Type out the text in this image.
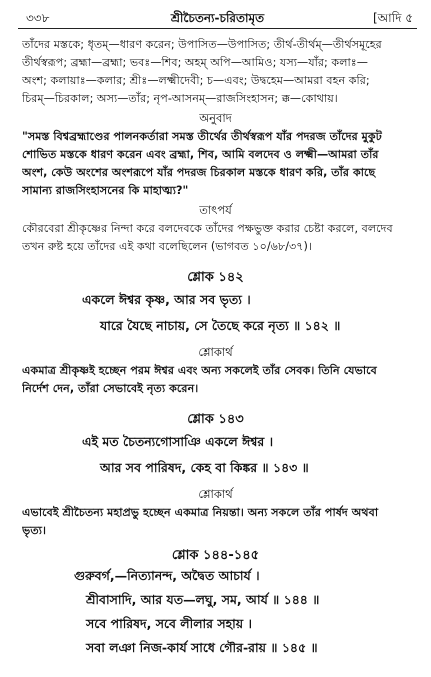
৩৩৮	শ্রীচৈতন্য-চরিতামৃত	[আদি ৫
তাঁদের মস্তকে; ধৃতম্—ধারণ করেন; উপাসিত—উপাসিত; তীর্থ-তীর্থম্—তীর্থসমূহের
তীর্থস্বরূপ; ব্রহ্মা—ব্রহ্মা; ভবঃ—শিব; অহম্ অপি—আমিও; যস্য—যাঁর; কলাঃ—
অংশ; কলায়াঃ—কলার; শ্রীঃ—লক্ষ্মীদেবী; চ—এবং; উদ্বহেম—আমরা বহন করি;
চিরম্—চিরকাল; অস্য—তাঁর; নৃপ-আসনম্—রাজসিংহাসন; ক্ক—কোথায়।
অনুবাদ
"সমস্ত বিশ্বব্রহ্মাণ্ডের পালনকর্তারা সমস্ত তীর্থের তীর্থস্বরূপ যাঁর পদরজ তাঁদের মুকুট
শোভিত মস্তকে ধারণ করেন এবং ব্রহ্মা, শিব, আমি বলদেব ও লক্ষ্মী—আমরা তাঁর
অংশ, কেউ অংশের অংশরূপে যাঁর পদরজ চিরকাল মস্তকে ধারণ করি, তাঁর কাছে
সামান্য রাজসিংহাসনের কি মাহাত্ম্য?"
তাৎপর্য
কৌরবেরা শ্রীকৃষ্ণের নিন্দা করে বলদেবকে তাঁদের পক্ষভুক্ত করার চেষ্টা করলে, বলদেব
তখন রুষ্ট হয়ে তাঁদের এই কথা বলেছিলেন (ভাগবত ১০/৬৮/৩৭)।
শ্লোক ১৪২
একলে ঈশ্বর কৃষ্ণ, আর সব ভৃত্য ।
যারে যৈছে নাচায়, সে তৈছে করে নৃত্য ॥ ১৪২ ॥
শ্লোকার্থ
একমাত্র শ্রীকৃষ্ণই হচ্ছেন পরম ঈশ্বর এবং অন্য সকলেই তাঁর সেবক। তিনি যেভাবে
নির্দেশ দেন, তাঁরা সেভাবেই নৃত্য করেন।
শ্লোক ১৪৩
এই মত চৈতন্যগোসাঞি একলে ঈশ্বর ।
আর সব পারিষদ, কেহ বা কিঙ্কর ॥ ১৪৩ ॥
শ্লোকার্থ
এভাবেই শ্রীচৈতন্য মহাপ্রভু হচ্ছেন একমাত্র নিয়ন্তা। অন্য সকলে তাঁর পার্ষদ অথবা
ভৃত্য।
শ্লোক ১৪৪-১৪৫
গুরুবর্গ,—নিত্যানন্দ, অদ্বৈত আচার্য ।
শ্রীবাসাদি, আর যত—লঘু, সম, আর্য ॥ ১৪৪ ॥
সবে পারিষদ, সবে লীলার সহায় ।
সবা লঞা নিজ-কার্য সাধে গৌর-রায় ॥ ১৪৫ ॥
